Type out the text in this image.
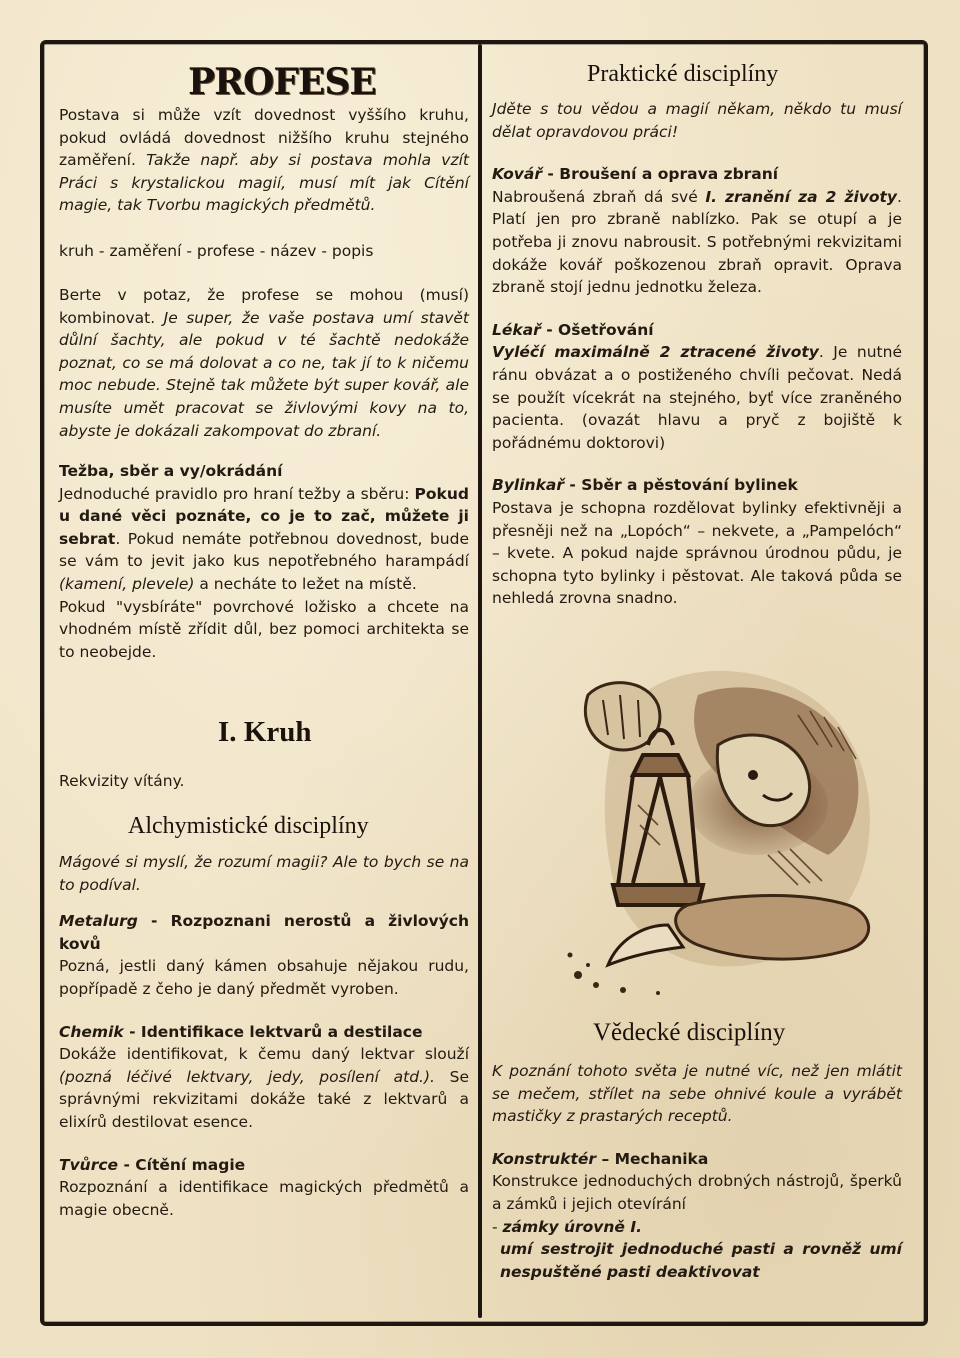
PROFESE
Postava si může vzít dovednost vyššího kruhu, pokud ovládá dovednost nižšího kruhu stejného zaměření. Takže např. aby si postava mohla vzít Práci s krystalickou magií, musí mít jak Cítění magie, tak Tvorbu magických předmětů.
kruh - zaměření - profese - název - popis
Berte v potaz, že profese se mohou (musí) kombinovat. Je super, že vaše postava umí stavět důlní šachty, ale pokud v té šachtě nedokáže poznat, co se má dolovat a co ne, tak jí to k ničemu moc nebude. Stejně tak můžete být super kovář, ale musíte umět pracovat se živlovými kovy na to, abyste je dokázali zakompovat do zbraní.

Težba, sběr a vy/okrádání

Jednoduché pravidlo pro hraní težby a sběru: Pokud u dané věci poznáte, co je to zač, můžete ji sebrat. Pokud nemáte potřebnou dovednost, bude se vám to jevit jako kus nepotřebného harampádí (kamení, plevele) a necháte to ležet na místě.

Pokud "vysbíráte" povrchové ložisko a chcete na vhodném místě zřídit důl, bez pomoci architekta se to neobejde.

I. Kruh
Rekvizity vítány.
Alchymistické disciplíny

Mágové si myslí, že rozumí magii? Ale to bych se na to podíval.

Metalurg - Rozpoznani nerostů a živlových kovů

Pozná, jestli daný kámen obsahuje nějakou rudu, popřípadě z čeho je daný předmět vyroben.

Chemik - Identifikace lektvarů a destilace

Dokáže identifikovat, k čemu daný lektvar slouží (pozná léčivé lektvary, jedy, posílení atd.). Se správnými rekvizitami dokáže také z lektvarů a elixírů destilovat esence.

Tvůrce - Cítění magie

Rozpoznání a identifikace magických předmětů a magie obecně.

Praktické disciplíny

Jděte s tou vědou a magií někam, někdo tu musí dělat opravdovou práci!

Kovář - Broušení a oprava zbraní

Nabroušená zbraň dá své I. zranění za 2 životy. Platí jen pro zbraně nablízko. Pak se otupí a je potřeba ji znovu nabrousit. S potřebnými rekvizitami dokáže kovář poškozenou zbraň opravit. Oprava zbraně stojí jednu jednotku železa.

Lékař - Ošetřování

Vyléčí maximálně 2 ztracené životy. Je nutné ránu obvázat a o postiženého chvíli pečovat. Nedá se použít vícekrát na stejného, byť více zraněného pacienta. (ovazát hlavu a pryč z bojiště k pořádnému doktorovi)

Bylinkař - Sběr a pěstování bylinek

Postava je schopna rozdělovat bylinky efektivněji a přesněji než na „Lopóch“ – nekvete, a „Pampelóch“ – kvete. A pokud najde správnou úrodnou půdu, je schopna tyto bylinky i pěstovat. Ale taková půda se nehledá zrovna snadno.

Vědecké disciplíny

K poznání tohoto světa je nutné víc, než jen mlátit se mečem, střílet na sebe ohnivé koule a vyrábět mastičky z prastarých receptů.

Konstruktér – Mechanika

Konstrukce jednoduchých drobných nástrojů, šperků a zámků i jejich otevírání

- zámky úrovně I.

umí sestrojit jednoduché pasti a rovněž umí nespuštěné pasti deaktivovat
